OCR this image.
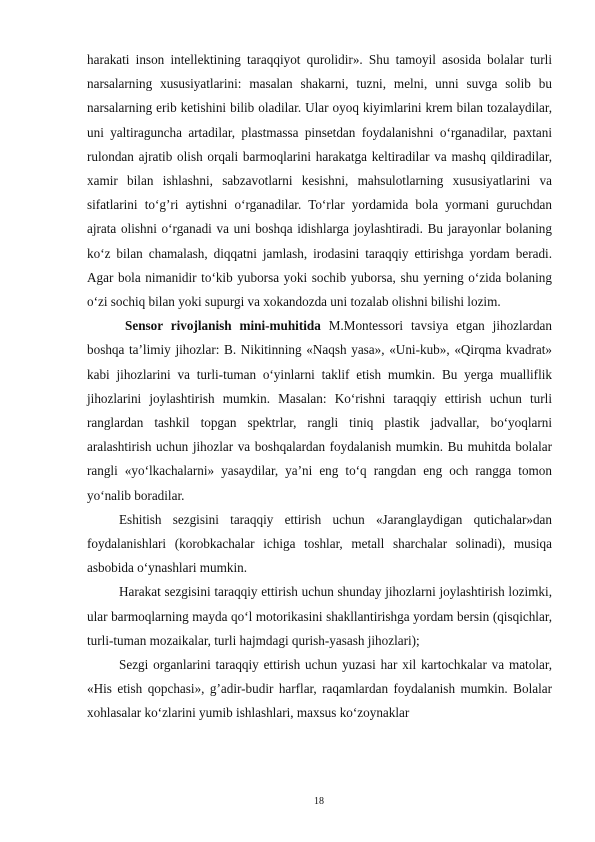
harakati inson intellektining taraqqiyot qurolidir». Shu tamoyil asosida bolalar turli narsalarning xususiyatlarini: masalan shakarni, tuzni, melni, unni suvga solib bu narsalarning erib ketishini bilib oladilar. Ular oyoq kiyimlarini krem bilan tozalaydilar, uni yaltiraguncha artadilar, plastmassa pinsetdan foydalanishni o‘rganadilar, paxtani rulondan ajratib olish orqali barmoqlarini harakatga keltiradilar va mashq qildiradilar, xamir bilan ishlashni, sabzavotlarni kesishni, mahsulotlarning xususiyatlarini va sifatlarini to‘g’ri aytishni o‘rganadilar. To‘rlar yordamida bola yormani guruchdan ajrata olishni o‘rganadi va uni boshqa idishlarga joylashtiradi. Bu jarayonlar bolaning ko‘z bilan chamalash, diqqatni jamlash, irodasini taraqqiy ettirishga yordam beradi. Agar bola nimanidir to‘kib yuborsa yoki sochib yuborsa, shu yerning o‘zida bolaning o‘zi sochiq bilan yoki supurgi va xokandozda uni tozalab olishni bilishi lozim.

Sensor rivojlanish mini-muhitida M.Montessori tavsiya etgan jihozlardan boshqa ta’limiy jihozlar: B. Nikitinning «Naqsh yasa», «Uni-kub», «Qirqma kvadrat» kabi jihozlarini va turli-tuman o‘yinlarni taklif etish mumkin. Bu yerga mualliflik jihozlarini joylashtirish mumkin. Masalan: Ko‘rishni taraqqiy ettirish uchun turli ranglardan tashkil topgan spektrlar, rangli tiniq plastik jadvallar, bo‘yoqlarni aralashtirish uchun jihozlar va boshqalardan foydalanish mumkin. Bu muhitda bolalar rangli «yo‘lkachalarni» yasaydilar, ya’ni eng to‘q rangdan eng och rangga tomon yo‘nalib boradilar.

Eshitish sezgisini taraqqiy ettirish uchun «Jaranglaydigan qutichalar»dan foydalanishlari (korobkachalar ichiga toshlar, metall sharchalar solinadi), musiqa asbobida o‘ynashlari mumkin.

Harakat sezgisini taraqqiy ettirish uchun shunday jihozlarni joylashtirish lozimki, ular barmoqlarning mayda qo‘l motorikasini shakllantirishga yordam bersin (qisqichlar, turli-tuman mozaikalar, turli hajmdagi qurish-yasash jihozlari);

Sezgi organlarini taraqqiy ettirish uchun yuzasi har xil kartochkalar va matolar, «His etish qopchasi», g’adir-budir harflar, raqamlardan foydalanish mumkin. Bolalar xohlasalar ko‘zlarini yumib ishlashlari, maxsus ko‘zoynaklar

18
